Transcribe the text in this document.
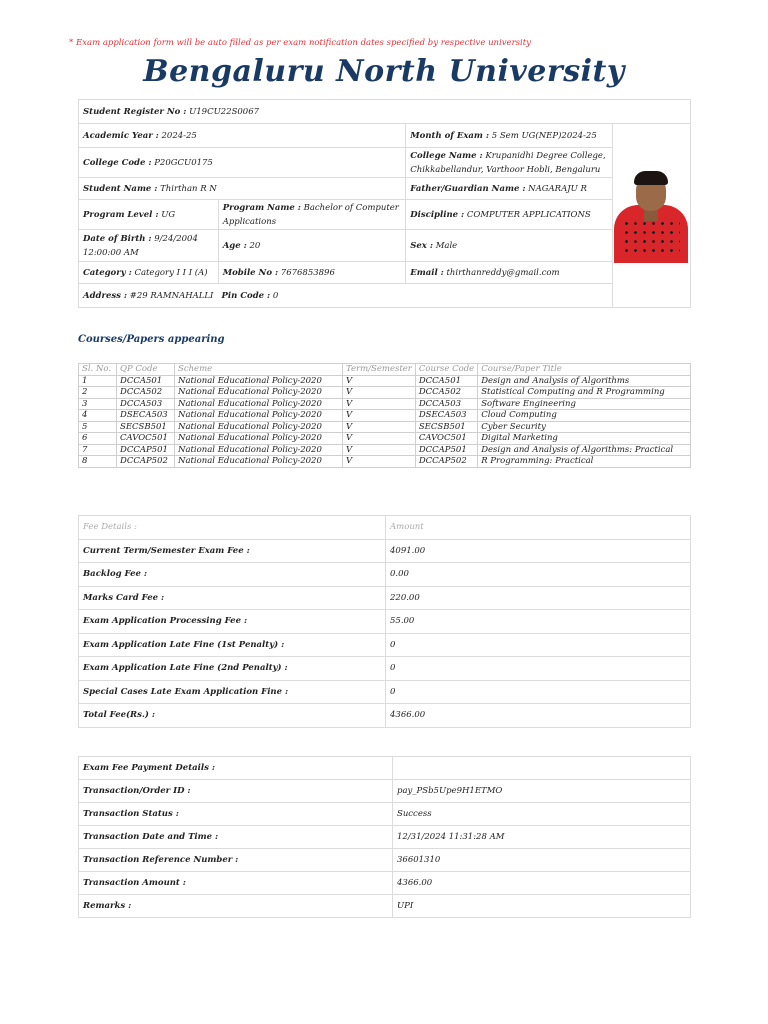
* Exam application form will be auto filled as per exam notification dates specified by respective university
Bengaluru North University
Student Register No : U19CU22S0067			
Academic Year : 2024-25		Month of Exam : 5 Sem UG(NEP)2024-25	

College Code : P20GCU0175		College Name : Krupanidhi Degree College, Chikkabellandur, Varthoor Hobli, Bengaluru	
Student Name : Thirthan R N		Father/Guardian Name : NAGARAJU R	
Program Level : UG	Program Name : Bachelor of Computer Applications	Discipline : COMPUTER APPLICATIONS	
Date of Birth : 9/24/2004 12:00:00 AM	Age : 20	Sex : Male	
Category : Category I I I (A)	Mobile No : 7676853896	Email : thirthanreddy@gmail.com	
Address : #29 RAMNAHALLI Pin Code : 0			
Courses/Papers appearing
Sl. No.	QP Code	Scheme	Term/Semester	Course Code	Course/Paper Title
1	DCCA501	National Educational Policy-2020	V	DCCA501	Design and Analysis of Algorithms
2	DCCA502	National Educational Policy-2020	V	DCCA502	Statistical Computing and R Programming
3	DCCA503	National Educational Policy-2020	V	DCCA503	Software Engineering
4	DSECA503	National Educational Policy-2020	V	DSECA503	Cloud Computing
5	SECSB501	National Educational Policy-2020	V	SECSB501	Cyber Security
6	CAVOC501	National Educational Policy-2020	V	CAVOC501	Digital Marketing
7	DCCAP501	National Educational Policy-2020	V	DCCAP501	Design and Analysis of Algorithms: Practical
8	DCCAP502	National Educational Policy-2020	V	DCCAP502	R Programming: Practical
Fee Details :	Amount
Current Term/Semester Exam Fee :	4091.00
Backlog Fee :	0.00
Marks Card Fee :	220.00
Exam Application Processing Fee :	55.00
Exam Application Late Fine (1st Penalty) :	0
Exam Application Late Fine (2nd Penalty) :	0
Special Cases Late Exam Application Fine :	0
Total Fee(Rs.) :	4366.00
Exam Fee Payment Details :	
Transaction/Order ID :	pay_PSb5Upe9H1ETMO
Transaction Status :	Success
Transaction Date and Time :	12/31/2024 11:31:28 AM
Transaction Reference Number :	36601310
Transaction Amount :	4366.00
Remarks :	UPI
